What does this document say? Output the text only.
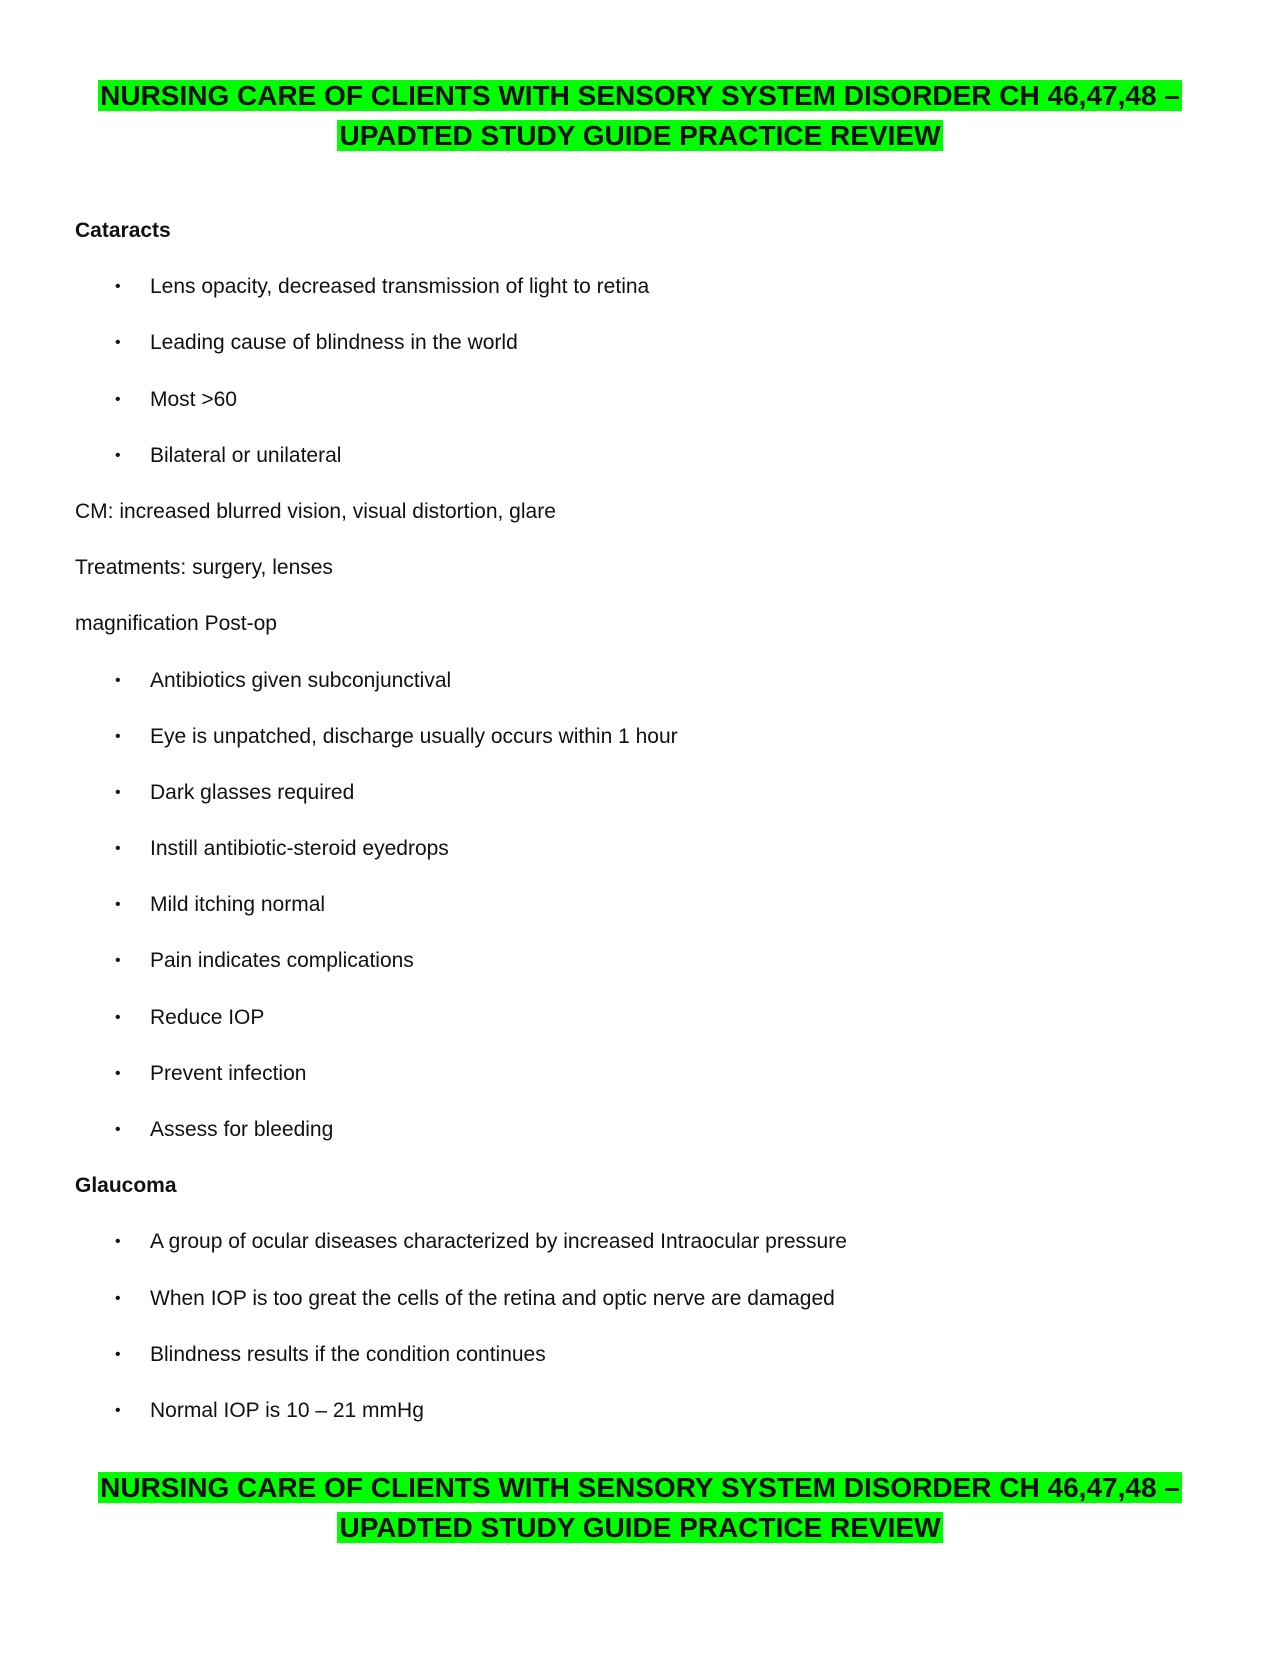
NURSING CARE OF CLIENTS WITH SENSORY SYSTEM DISORDER CH 46,47,48 –
UPADTED STUDY GUIDE PRACTICE REVIEW
Cataracts
• Lens opacity, decreased transmission of light to retina
• Leading cause of blindness in the world
• Most >60
• Bilateral or unilateral
CM: increased blurred vision, visual distortion, glare
Treatments: surgery, lenses
magnification Post-op
• Antibiotics given subconjunctival
• Eye is unpatched, discharge usually occurs within 1 hour
• Dark glasses required
• Instill antibiotic-steroid eyedrops
• Mild itching normal
• Pain indicates complications
• Reduce IOP
• Prevent infection
• Assess for bleeding
Glaucoma
• A group of ocular diseases characterized by increased Intraocular pressure
• When IOP is too great the cells of the retina and optic nerve are damaged
• Blindness results if the condition continues
• Normal IOP is 10 – 21 mmHg
NURSING CARE OF CLIENTS WITH SENSORY SYSTEM DISORDER CH 46,47,48 –
UPADTED STUDY GUIDE PRACTICE REVIEW
